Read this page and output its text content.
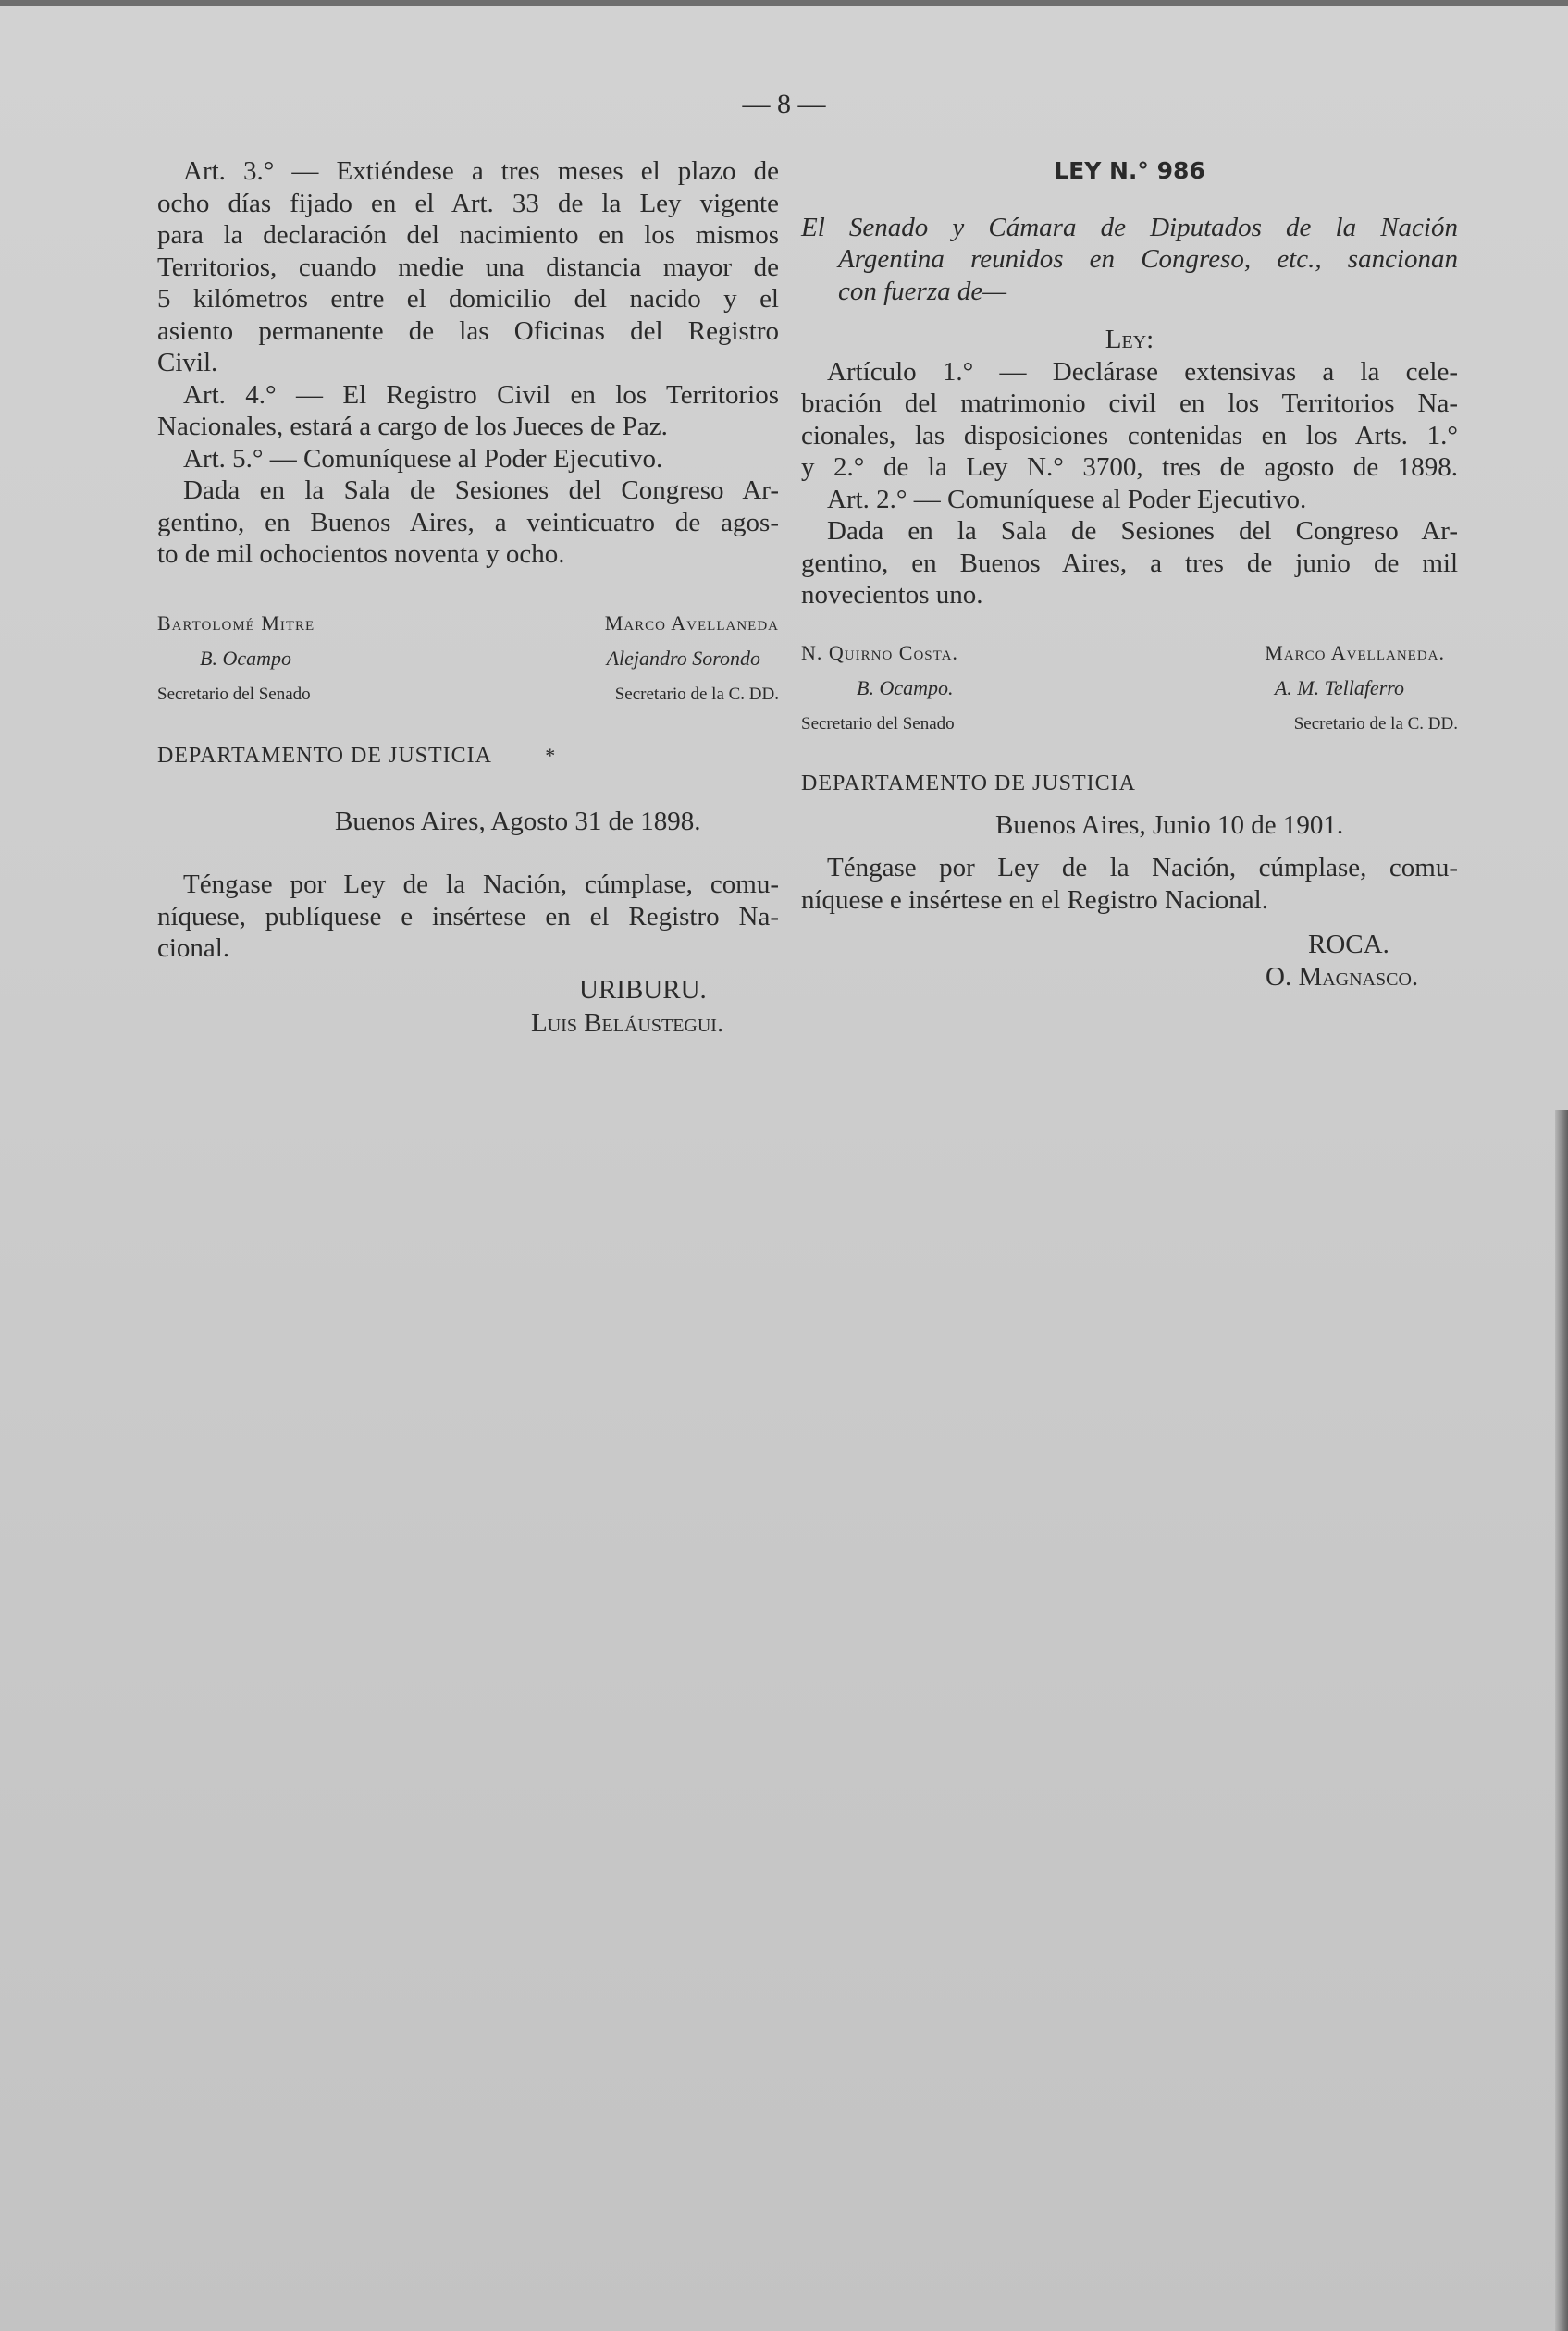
— 8 —

Art. 3.° — Extiéndese a tres meses el plazo de

ocho días fijado en el Art. 33 de la Ley vigente

para la declaración del nacimiento en los mismos

Territorios, cuando medie una distancia mayor de

5 kilómetros entre el domicilio del nacido y el

asiento permanente de las Oficinas del Registro

Civil.

Art. 4.° — El Registro Civil en los Territorios

Nacionales, estará a cargo de los Jueces de Paz.

Art. 5.° — Comuníquese al Poder Ejecutivo.

Dada en la Sala de Sesiones del Congreso Ar-

gentino, en Buenos Aires, a veinticuatro de agos-

to de mil ochocientos noventa y ocho.

Bartolomé Mitre	Marco Avellaneda
B. Ocampo	Alejandro Sorondo
Secretario del Senado	Secretario de la C. DD.
DEPARTAMENTO DE JUSTICIA	*

Buenos Aires, Agosto 31 de 1898.

Téngase por Ley de la Nación, cúmplase, comu-

níquese, publíquese e insértese en el Registro Na-

cional.

URIBURU.

Luis Beláustegui.

LEY N.° 986

El Senado y Cámara de Diputados de la Nación

Argentina reunidos en Congreso, etc., sancionan

con fuerza de—

Ley:

Artículo 1.° — Declárase extensivas a la cele-

bración del matrimonio civil en los Territorios Na-

cionales, las disposiciones contenidas en los Arts. 1.°

y 2.° de la Ley N.° 3700, tres de agosto de 1898.

Art. 2.° — Comuníquese al Poder Ejecutivo.

Dada en la Sala de Sesiones del Congreso Ar-

gentino, en Buenos Aires, a tres de junio de mil

novecientos uno.

N. Quirno Costa.	Marco Avellaneda.
B. Ocampo.	A. M. Tellaferro
Secretario del Senado	Secretario de la C. DD.

DEPARTAMENTO DE JUSTICIA

Buenos Aires, Junio 10 de 1901.

Téngase por Ley de la Nación, cúmplase, comu-

níquese e insértese en el Registro Nacional.

ROCA.

O. Magnasco.
